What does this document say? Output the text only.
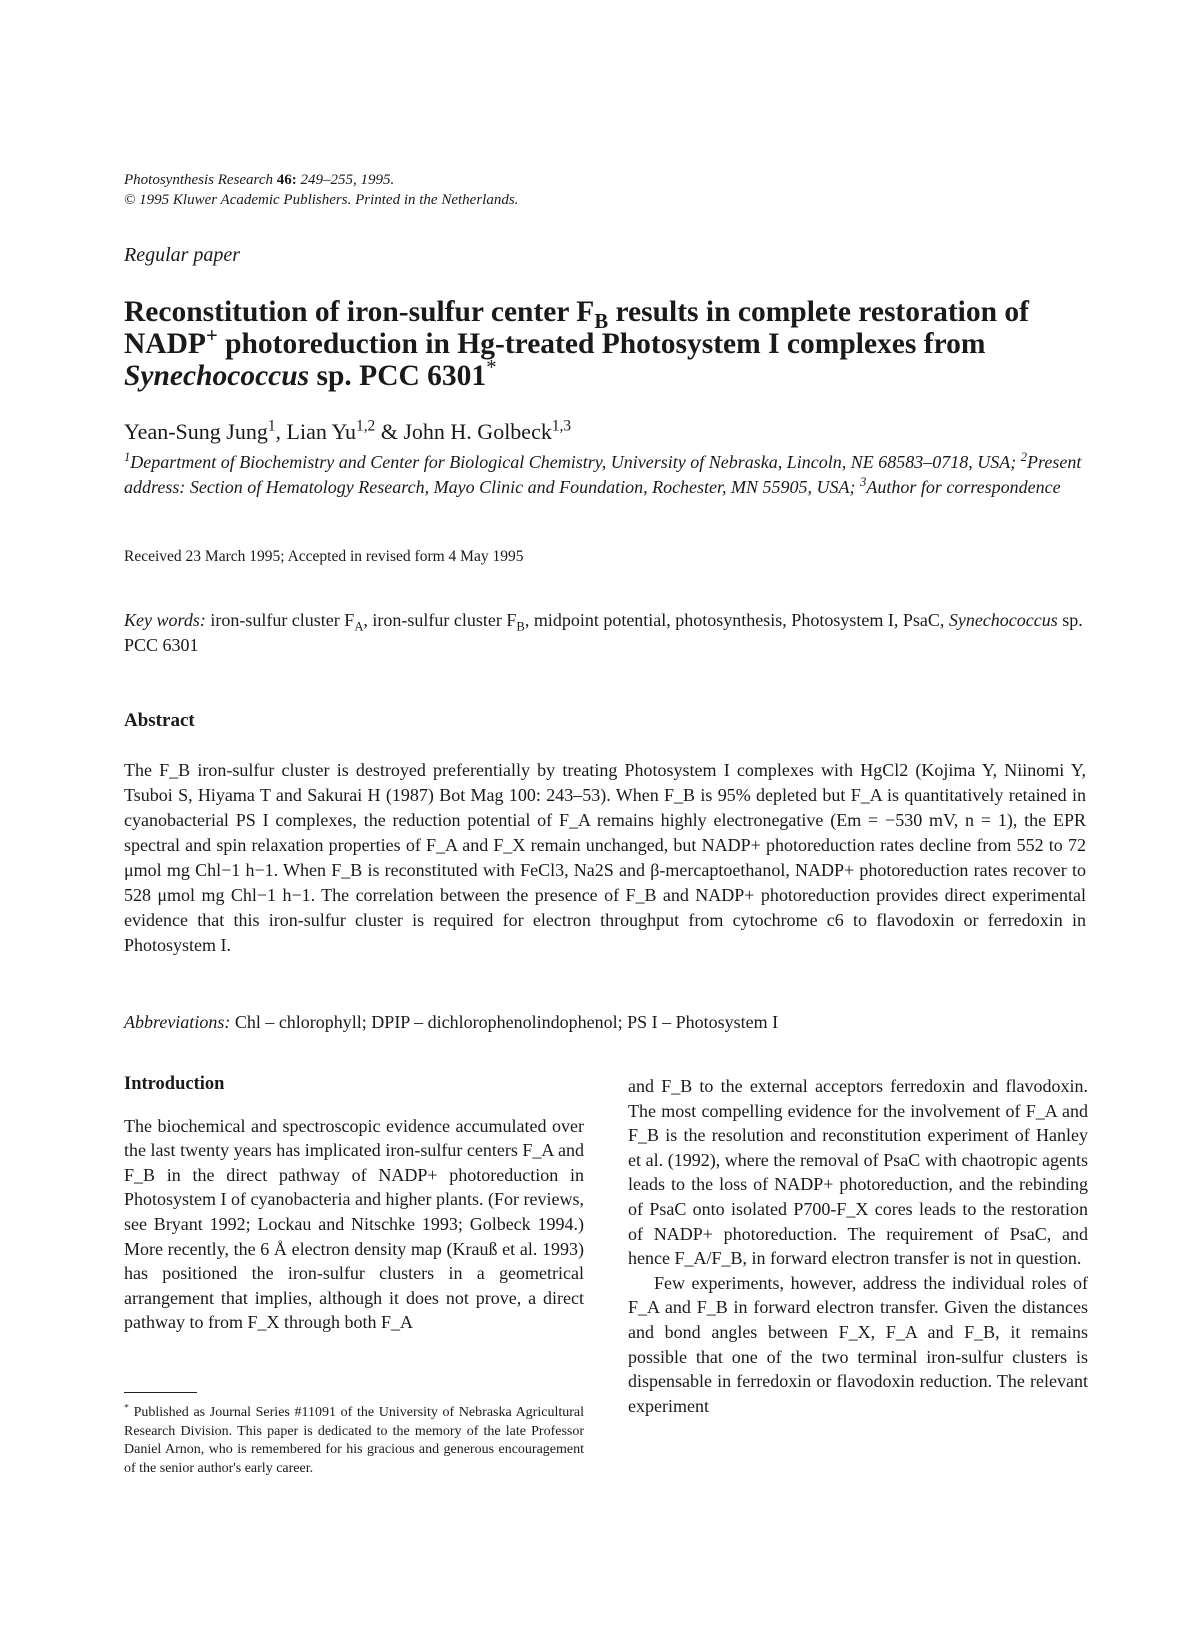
Photosynthesis Research 46: 249–255, 1995.
© 1995 Kluwer Academic Publishers. Printed in the Netherlands.
Regular paper
Reconstitution of iron-sulfur center $F_B$ results in complete restoration of
NADP+ photoreduction in Hg-treated Photosystem I complexes from
Synechococcus sp. PCC 6301*
Yean-Sung Jung$^1$, Lian Yu$^{1,2}$ & John H. Golbeck$^{1,3}$
$^1$Department of Biochemistry and Center for Biological Chemistry, University of Nebraska, Lincoln, NE 68583–0718, USA; $^2$Present address: Section of Hematology Research, Mayo Clinic and Foundation, Rochester, MN 55905, USA; $^3$Author for correspondence
Received 23 March 1995; Accepted in revised form 4 May 1995
Key words: iron-sulfur cluster $F_A$, iron-sulfur cluster $F_B$, midpoint potential, photosynthesis, Photosystem I, PsaC, Synechococcus sp. PCC 6301
Abstract
The F_B iron-sulfur cluster is destroyed preferentially by treating Photosystem I complexes with HgCl2 (Kojima Y, Niinomi Y, Tsuboi S, Hiyama T and Sakurai H (1987) Bot Mag 100: 243–53). When F_B is 95% depleted but F_A is quantitatively retained in cyanobacterial PS I complexes, the reduction potential of F_A remains highly electronegative (Em = −530 mV, n = 1), the EPR spectral and spin relaxation properties of F_A and F_X remain unchanged, but NADP+ photoreduction rates decline from 552 to 72 μmol mg Chl−1 h−1. When F_B is reconstituted with FeCl3, Na2S and β-mercaptoethanol, NADP+ photoreduction rates recover to 528 μmol mg Chl−1 h−1. The correlation between the presence of F_B and NADP+ photoreduction provides direct experimental evidence that this iron-sulfur cluster is required for electron throughput from cytochrome c6 to flavodoxin or ferredoxin in Photosystem I.
Abbreviations: Chl – chlorophyll; DPIP – dichlorophenolindophenol; PS I – Photosystem I
Introduction

The biochemical and spectroscopic evidence accumulated over the last twenty years has implicated iron-sulfur centers F_A and F_B in the direct pathway of NADP+ photoreduction in Photosystem I of cyanobacteria and higher plants. (For reviews, see Bryant 1992; Lockau and Nitschke 1993; Golbeck 1994.) More recently, the 6 Å electron density map (Krauß et al. 1993) has positioned the iron-sulfur clusters in a geometrical arrangement that implies, although it does not prove, a direct pathway to from F_X through both F_A

and F_B to the external acceptors ferredoxin and flavodoxin. The most compelling evidence for the involvement of F_A and F_B is the resolution and reconstitution experiment of Hanley et al. (1992), where the removal of PsaC with chaotropic agents leads to the loss of NADP+ photoreduction, and the rebinding of PsaC onto isolated P700-F_X cores leads to the restoration of NADP+ photoreduction. The requirement of PsaC, and hence F_A/F_B, in forward electron transfer is not in question.

Few experiments, however, address the individual roles of F_A and F_B in forward electron transfer. Given the distances and bond angles between F_X, F_A and F_B, it remains possible that one of the two terminal iron-sulfur clusters is dispensable in ferredoxin or flavodoxin reduction. The relevant experiment

* Published as Journal Series #11091 of the University of Nebraska Agricultural Research Division. This paper is dedicated to the memory of the late Professor Daniel Arnon, who is remembered for his gracious and generous encouragement of the senior author's early career.
